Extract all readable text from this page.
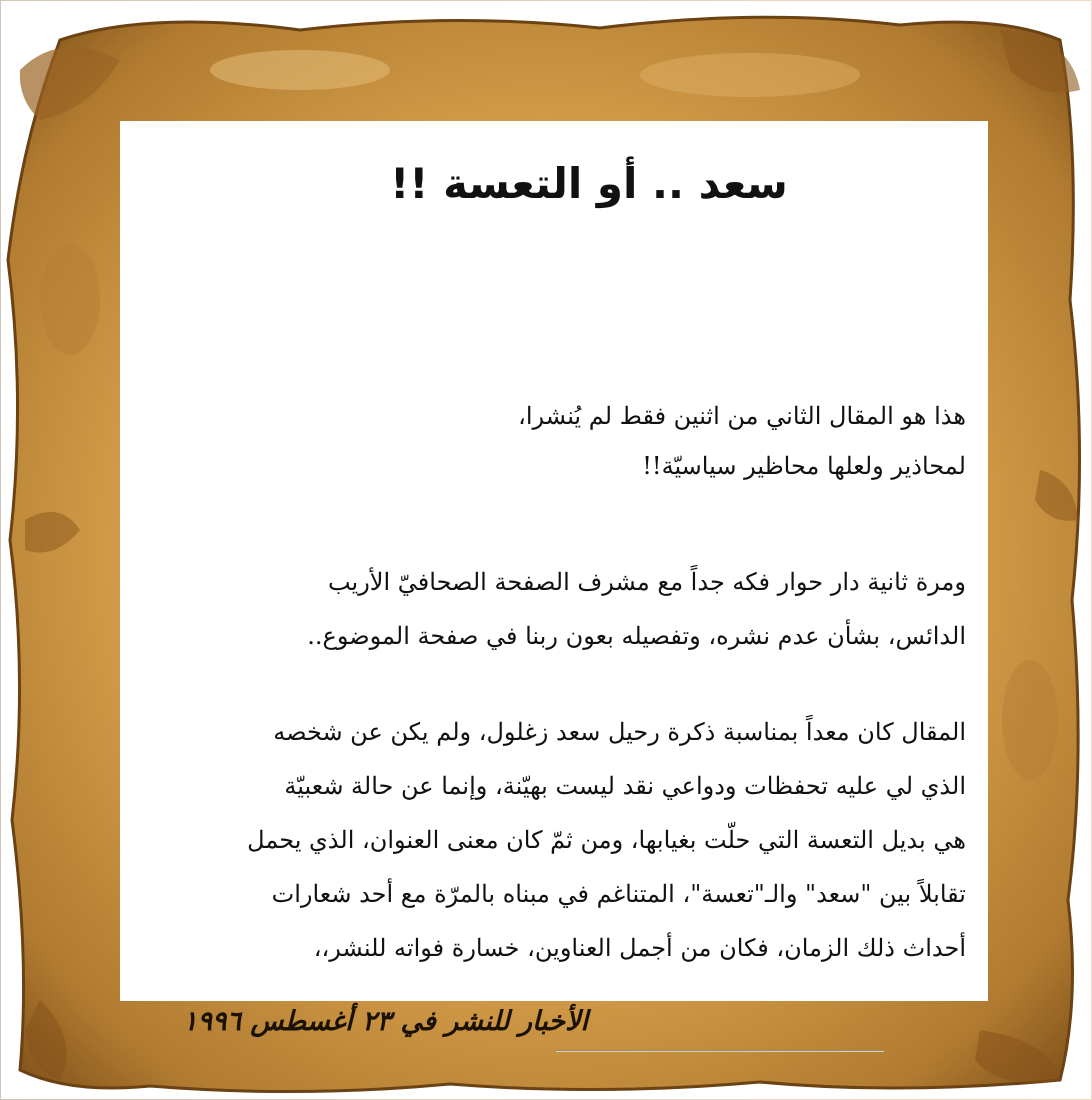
سعد .. أو التعسة !!
هذا هو المقال الثاني من اثنين فقط لم يُنشرا،
لمحاذير ولعلها محاظير سياسيّة!!
ومرة ثانية دار حوار فكه جداً مع مشرف الصفحة الصحافيّ الأريب
الدائس، بشأن عدم نشره، وتفصيله بعون ربنا في صفحة الموضوع..
المقال كان معداً بمناسبة ذكرة رحيل سعد زغلول، ولم يكن عن شخصه
الذي لي عليه تحفظات ودواعي نقد ليست بهيّنة، وإنما عن حالة شعبيّة
هي بديل التعسة التي حلّت بغيابها، ومن ثمّ كان معنى العنوان، الذي يحمل
تقابلاً بين "سعد" والـ"تعسة"، المتناغم في مبناه بالمرّة مع أحد شعارات
أحداث ذلك الزمان، فكان من أجمل العناوين، خسارة فواته للنشر،،
الأخبار للنشر في ٢٣ أغسطس ١٩٩٦
